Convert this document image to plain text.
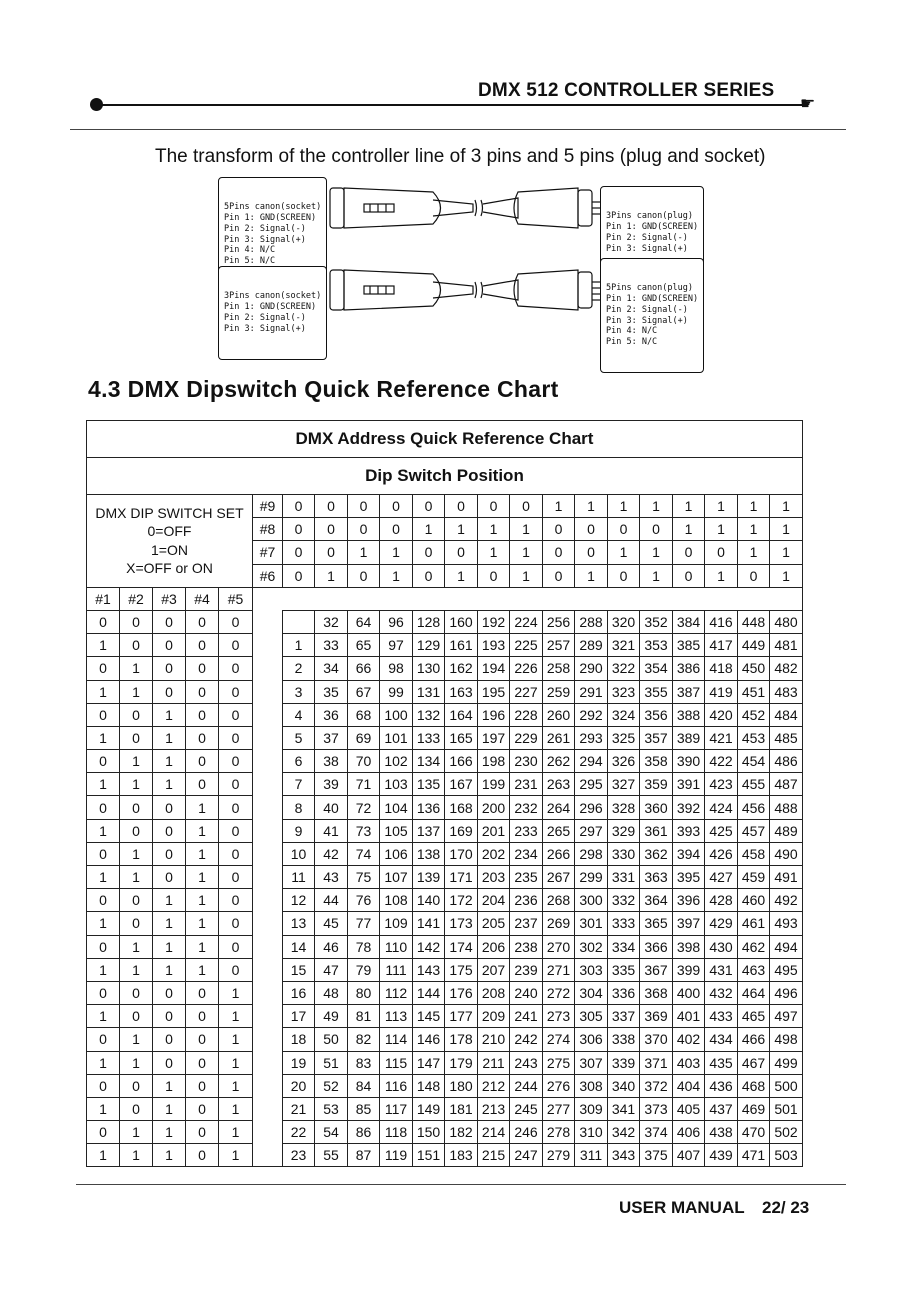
DMX 512 CONTROLLER SERIES
☛
The transform of the controller line of 3 pins and 5 pins (plug and socket)

5Pins canon(socket)
Pin 1: GND(SCREEN)
Pin 2: Signal(-)
Pin 3: Signal(+)
Pin 4: N/C
Pin 5: N/C

3Pins canon(plug)
Pin 1: GND(SCREEN)
Pin 2: Signal(-)
Pin 3: Signal(+)

3Pins canon(socket)
Pin 1: GND(SCREEN)
Pin 2: Signal(-)
Pin 3: Signal(+)

5Pins canon(plug)
Pin 1: GND(SCREEN)
Pin 2: Signal(-)
Pin 3: Signal(+)
Pin 4: N/C
Pin 5: N/C

4.3 DMX Dipswitch Quick Reference Chart
DMX Address Quick Reference Chart																					
Dip Switch Position																					

DMX DIP SWITCH SET
0=OFF
1=ON
X=OFF or ON					#9	0	0	0	0	0	0	0	0	1	1	1	1	1	1	1	1
					#8	0	0	0	0	1	1	1	1	0	0	0	0	1	1	1	1
					#7	0	0	1	1	0	0	1	1	0	0	1	1	0	0	1	1
					#6	0	1	0	1	0	1	0	1	0	1	0	1	0	1	0	1
#1	#2	#3	#4	#5																	
0	0	0	0	0			32	64	96	128	160	192	224	256	288	320	352	384	416	448	480
1	0	0	0	0		1	33	65	97	129	161	193	225	257	289	321	353	385	417	449	481
0	1	0	0	0		2	34	66	98	130	162	194	226	258	290	322	354	386	418	450	482
1	1	0	0	0		3	35	67	99	131	163	195	227	259	291	323	355	387	419	451	483
0	0	1	0	0		4	36	68	100	132	164	196	228	260	292	324	356	388	420	452	484
1	0	1	0	0		5	37	69	101	133	165	197	229	261	293	325	357	389	421	453	485
0	1	1	0	0		6	38	70	102	134	166	198	230	262	294	326	358	390	422	454	486
1	1	1	0	0		7	39	71	103	135	167	199	231	263	295	327	359	391	423	455	487
0	0	0	1	0		8	40	72	104	136	168	200	232	264	296	328	360	392	424	456	488
1	0	0	1	0		9	41	73	105	137	169	201	233	265	297	329	361	393	425	457	489
0	1	0	1	0		10	42	74	106	138	170	202	234	266	298	330	362	394	426	458	490
1	1	0	1	0		11	43	75	107	139	171	203	235	267	299	331	363	395	427	459	491
0	0	1	1	0		12	44	76	108	140	172	204	236	268	300	332	364	396	428	460	492
1	0	1	1	0		13	45	77	109	141	173	205	237	269	301	333	365	397	429	461	493
0	1	1	1	0		14	46	78	110	142	174	206	238	270	302	334	366	398	430	462	494
1	1	1	1	0		15	47	79	111	143	175	207	239	271	303	335	367	399	431	463	495
0	0	0	0	1		16	48	80	112	144	176	208	240	272	304	336	368	400	432	464	496
1	0	0	0	1		17	49	81	113	145	177	209	241	273	305	337	369	401	433	465	497
0	1	0	0	1		18	50	82	114	146	178	210	242	274	306	338	370	402	434	466	498
1	1	0	0	1		19	51	83	115	147	179	211	243	275	307	339	371	403	435	467	499
0	0	1	0	1		20	52	84	116	148	180	212	244	276	308	340	372	404	436	468	500
1	0	1	0	1		21	53	85	117	149	181	213	245	277	309	341	373	405	437	469	501
0	1	1	0	1		22	54	86	118	150	182	214	246	278	310	342	374	406	438	470	502
1	1	1	0	1		23	55	87	119	151	183	215	247	279	311	343	375	407	439	471	503
USER MANUAL 22/ 23
